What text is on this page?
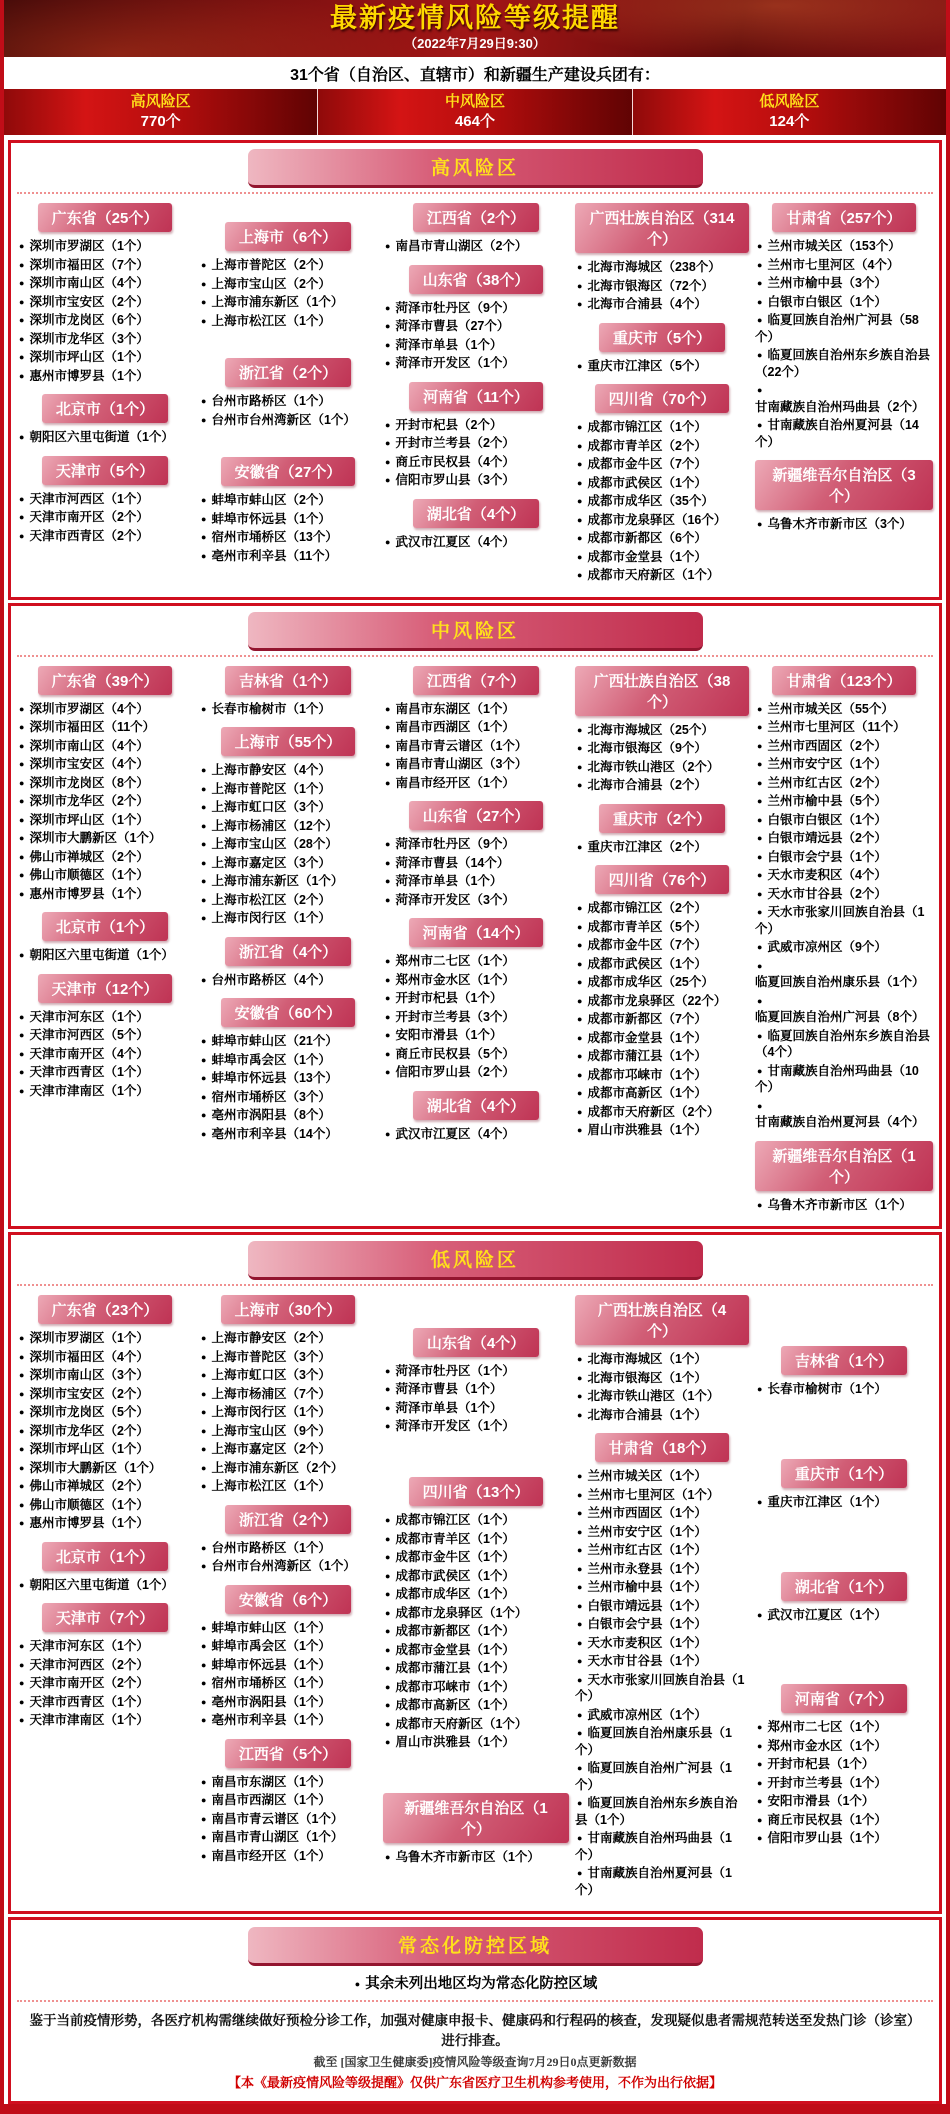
最新疫情风险等级提醒
（2022年7月29日9:30）
31个省（自治区、直辖市）和新疆生产建设兵团有：
高风险区
770个
中风险区
464个
低风险区
124个
高风险区
广东省（25个）
● 深圳市罗湖区（1个）
● 深圳市福田区（7个）
● 深圳市南山区（4个）
● 深圳市宝安区（2个）
● 深圳市龙岗区（6个）
● 深圳市龙华区（3个）
● 深圳市坪山区（1个）
● 惠州市博罗县（1个）
北京市（1个）
● 朝阳区六里屯街道（1个）
天津市（5个）
● 天津市河西区（1个）
● 天津市南开区（2个）
● 天津市西青区（2个）
上海市（6个）
● 上海市普陀区（2个）
● 上海市宝山区（2个）
● 上海市浦东新区（1个）
● 上海市松江区（1个）
浙江省（2个）
● 台州市路桥区（1个）
● 台州市台州湾新区（1个）
安徽省（27个）
● 蚌埠市蚌山区（2个）
● 蚌埠市怀远县（1个）
● 宿州市埇桥区（13个）
● 亳州市利辛县（11个）
江西省（2个）
● 南昌市青山湖区（2个）
山东省（38个）
● 菏泽市牡丹区（9个）
● 菏泽市曹县（27个）
● 菏泽市单县（1个）
● 菏泽市开发区（1个）
河南省（11个）
● 开封市杞县（2个）
● 开封市兰考县（2个）
● 商丘市民权县（4个）
● 信阳市罗山县（3个）
湖北省（4个）
● 武汉市江夏区（4个）
广西壮族自治区（314个）
● 北海市海城区（238个）
● 北海市银海区（72个）
● 北海市合浦县（4个）
重庆市（5个）
● 重庆市江津区（5个）
四川省（70个）
● 成都市锦江区（1个）
● 成都市青羊区（2个）
● 成都市金牛区（7个）
● 成都市武侯区（1个）
● 成都市成华区（35个）
● 成都市龙泉驿区（16个）
● 成都市新都区（6个）
● 成都市金堂县（1个）
● 成都市天府新区（1个）
甘肃省（257个）
● 兰州市城关区（153个）
● 兰州市七里河区（4个）
● 兰州市榆中县（3个）
● 白银市白银区（1个）
● 临夏回族自治州广河县（58个）
● 临夏回族自治州东乡族自治县（22个）
●甘南藏族自治州玛曲县（2个）
● 甘南藏族自治州夏河县（14个）
新疆维吾尔自治区（3个）
● 乌鲁木齐市新市区（3个）
中风险区
广东省（39个）
● 深圳市罗湖区（4个）
● 深圳市福田区（11个）
● 深圳市南山区（4个）
● 深圳市宝安区（4个）
● 深圳市龙岗区（8个）
● 深圳市龙华区（2个）
● 深圳市坪山区（1个）
● 深圳市大鹏新区（1个）
● 佛山市禅城区（2个）
● 佛山市顺德区（1个）
● 惠州市博罗县（1个）
北京市（1个）
● 朝阳区六里屯街道（1个）
天津市（12个）
● 天津市河东区（1个）
● 天津市河西区（5个）
● 天津市南开区（4个）
● 天津市西青区（1个）
● 天津市津南区（1个）
吉林省（1个）
● 长春市榆树市（1个）
上海市（55个）
● 上海市静安区（4个）
● 上海市普陀区（1个）
● 上海市虹口区（3个）
● 上海市杨浦区（12个）
● 上海市宝山区（28个）
● 上海市嘉定区（3个）
● 上海市浦东新区（1个）
● 上海市松江区（2个）
● 上海市闵行区（1个）
浙江省（4个）
● 台州市路桥区（4个）
安徽省（60个）
● 蚌埠市蚌山区（21个）
● 蚌埠市禹会区（1个）
● 蚌埠市怀远县（13个）
● 宿州市埇桥区（3个）
● 亳州市涡阳县（8个）
● 亳州市利辛县（14个）
江西省（7个）
● 南昌市东湖区（1个）
● 南昌市西湖区（1个）
● 南昌市青云谱区（1个）
● 南昌市青山湖区（3个）
● 南昌市经开区（1个）
山东省（27个）
● 菏泽市牡丹区（9个）
● 菏泽市曹县（14个）
● 菏泽市单县（1个）
● 菏泽市开发区（3个）
河南省（14个）
● 郑州市二七区（1个）
● 郑州市金水区（1个）
● 开封市杞县（1个）
● 开封市兰考县（3个）
● 安阳市滑县（1个）
● 商丘市民权县（5个）
● 信阳市罗山县（2个）
湖北省（4个）
● 武汉市江夏区（4个）
广西壮族自治区（38个）
● 北海市海城区（25个）
● 北海市银海区（9个）
● 北海市铁山港区（2个）
● 北海市合浦县（2个）
重庆市（2个）
● 重庆市江津区（2个）
四川省（76个）
● 成都市锦江区（2个）
● 成都市青羊区（5个）
● 成都市金牛区（7个）
● 成都市武侯区（1个）
● 成都市成华区（25个）
● 成都市龙泉驿区（22个）
● 成都市新都区（7个）
● 成都市金堂县（1个）
● 成都市蒲江县（1个）
● 成都市邛崃市（1个）
● 成都市高新区（1个）
● 成都市天府新区（2个）
● 眉山市洪雅县（1个）
甘肃省（123个）
● 兰州市城关区（55个）
● 兰州市七里河区（11个）
● 兰州市西固区（2个）
● 兰州市安宁区（1个）
● 兰州市红古区（2个）
● 兰州市榆中县（5个）
● 白银市白银区（1个）
● 白银市靖远县（2个）
● 白银市会宁县（1个）
● 天水市麦积区（4个）
● 天水市甘谷县（2个）
● 天水市张家川回族自治县（1个）
● 武威市凉州区（9个）
●临夏回族自治州康乐县（1个）
●临夏回族自治州广河县（8个）
● 临夏回族自治州东乡族自治县（4个）
● 甘南藏族自治州玛曲县（10个）
●甘南藏族自治州夏河县（4个）
新疆维吾尔自治区（1个）
● 乌鲁木齐市新市区（1个）
低风险区
广东省（23个）
● 深圳市罗湖区（1个）
● 深圳市福田区（4个）
● 深圳市南山区（3个）
● 深圳市宝安区（2个）
● 深圳市龙岗区（5个）
● 深圳市龙华区（2个）
● 深圳市坪山区（1个）
● 深圳市大鹏新区（1个）
● 佛山市禅城区（2个）
● 佛山市顺德区（1个）
● 惠州市博罗县（1个）
北京市（1个）
● 朝阳区六里屯街道（1个）
天津市（7个）
● 天津市河东区（1个）
● 天津市河西区（2个）
● 天津市南开区（2个）
● 天津市西青区（1个）
● 天津市津南区（1个）
上海市（30个）
● 上海市静安区（2个）
● 上海市普陀区（3个）
● 上海市虹口区（3个）
● 上海市杨浦区（7个）
● 上海市闵行区（1个）
● 上海市宝山区（9个）
● 上海市嘉定区（2个）
● 上海市浦东新区（2个）
● 上海市松江区（1个）
浙江省（2个）
● 台州市路桥区（1个）
● 台州市台州湾新区（1个）
安徽省（6个）
● 蚌埠市蚌山区（1个）
● 蚌埠市禹会区（1个）
● 蚌埠市怀远县（1个）
● 宿州市埇桥区（1个）
● 亳州市涡阳县（1个）
● 亳州市利辛县（1个）
江西省（5个）
● 南昌市东湖区（1个）
● 南昌市西湖区（1个）
● 南昌市青云谱区（1个）
● 南昌市青山湖区（1个）
● 南昌市经开区（1个）
山东省（4个）
● 菏泽市牡丹区（1个）
● 菏泽市曹县（1个）
● 菏泽市单县（1个）
● 菏泽市开发区（1个）
四川省（13个）
● 成都市锦江区（1个）
● 成都市青羊区（1个）
● 成都市金牛区（1个）
● 成都市武侯区（1个）
● 成都市成华区（1个）
● 成都市龙泉驿区（1个）
● 成都市新都区（1个）
● 成都市金堂县（1个）
● 成都市蒲江县（1个）
● 成都市邛崃市（1个）
● 成都市高新区（1个）
● 成都市天府新区（1个）
● 眉山市洪雅县（1个）
新疆维吾尔自治区（1个）
● 乌鲁木齐市新市区（1个）
广西壮族自治区（4个）
● 北海市海城区（1个）
● 北海市银海区（1个）
● 北海市铁山港区（1个）
● 北海市合浦县（1个）
甘肃省（18个）
● 兰州市城关区（1个）
● 兰州市七里河区（1个）
● 兰州市西固区（1个）
● 兰州市安宁区（1个）
● 兰州市红古区（1个）
● 兰州市永登县（1个）
● 兰州市榆中县（1个）
● 白银市靖远县（1个）
● 白银市会宁县（1个）
● 天水市麦积区（1个）
● 天水市甘谷县（1个）
● 天水市张家川回族自治县（1个）
● 武威市凉州区（1个）
● 临夏回族自治州康乐县（1个）
● 临夏回族自治州广河县（1个）
● 临夏回族自治州东乡族自治县（1个）
● 甘南藏族自治州玛曲县（1个）
● 甘南藏族自治州夏河县（1个）
吉林省（1个）
● 长春市榆树市（1个）
重庆市（1个）
● 重庆市江津区（1个）
湖北省（1个）
● 武汉市江夏区（1个）
河南省（7个）
● 郑州市二七区（1个）
● 郑州市金水区（1个）
● 开封市杞县（1个）
● 开封市兰考县（1个）
● 安阳市滑县（1个）
● 商丘市民权县（1个）
● 信阳市罗山县（1个）
常态化防控区域
● 其余未列出地区均为常态化防控区域
鉴于当前疫情形势，各医疗机构需继续做好预检分诊工作，加强对健康申报卡、健康码和行程码的核查，发现疑似患者需规范转送至发热门诊（诊室）进行排查。
截至 [国家卫生健康委]疫情风险等级查询7月29日0点更新数据
【本《最新疫情风险等级提醒》仅供广东省医疗卫生机构参考使用，不作为出行依据】
